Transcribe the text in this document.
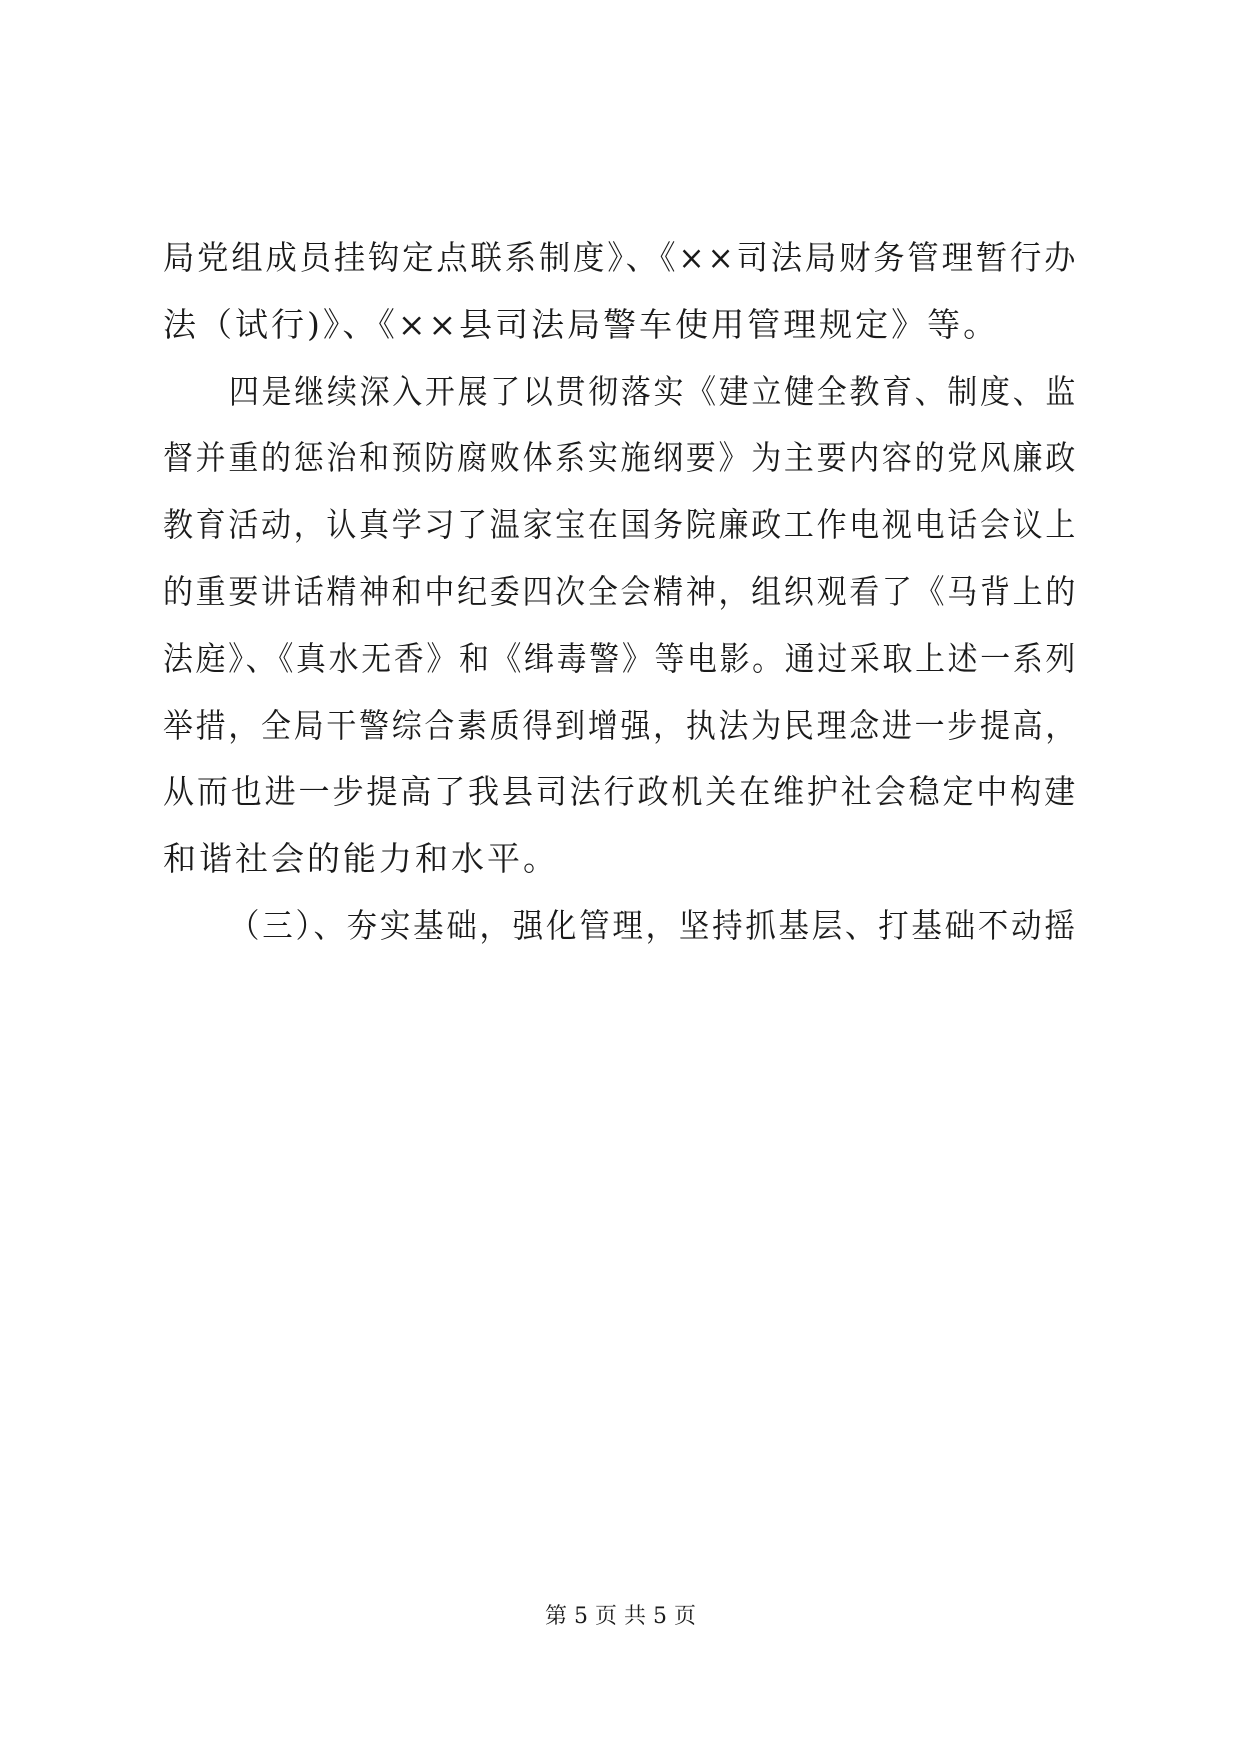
局党组成员挂钩定点联系制度》、《××司法局财务管理暂行办
法（试行)》、《××县司法局警车使用管理规定》等。
四是继续深入开展了以贯彻落实《建立健全教育、制度、监
督并重的惩治和预防腐败体系实施纲要》为主要内容的党风廉政
教育活动，认真学习了温家宝在国务院廉政工作电视电话会议上
的重要讲话精神和中纪委四次全会精神，组织观看了《马背上的
法庭》、《真水无香》和《缉毒警》等电影。通过采取上述一系列
举措，全局干警综合素质得到增强，执法为民理念进一步提高，
从而也进一步提高了我县司法行政机关在维护社会稳定中构建
和谐社会的能力和水平。
（三）、夯实基础，强化管理，坚持抓基层、打基础不动摇
第 5 页 共 5 页
